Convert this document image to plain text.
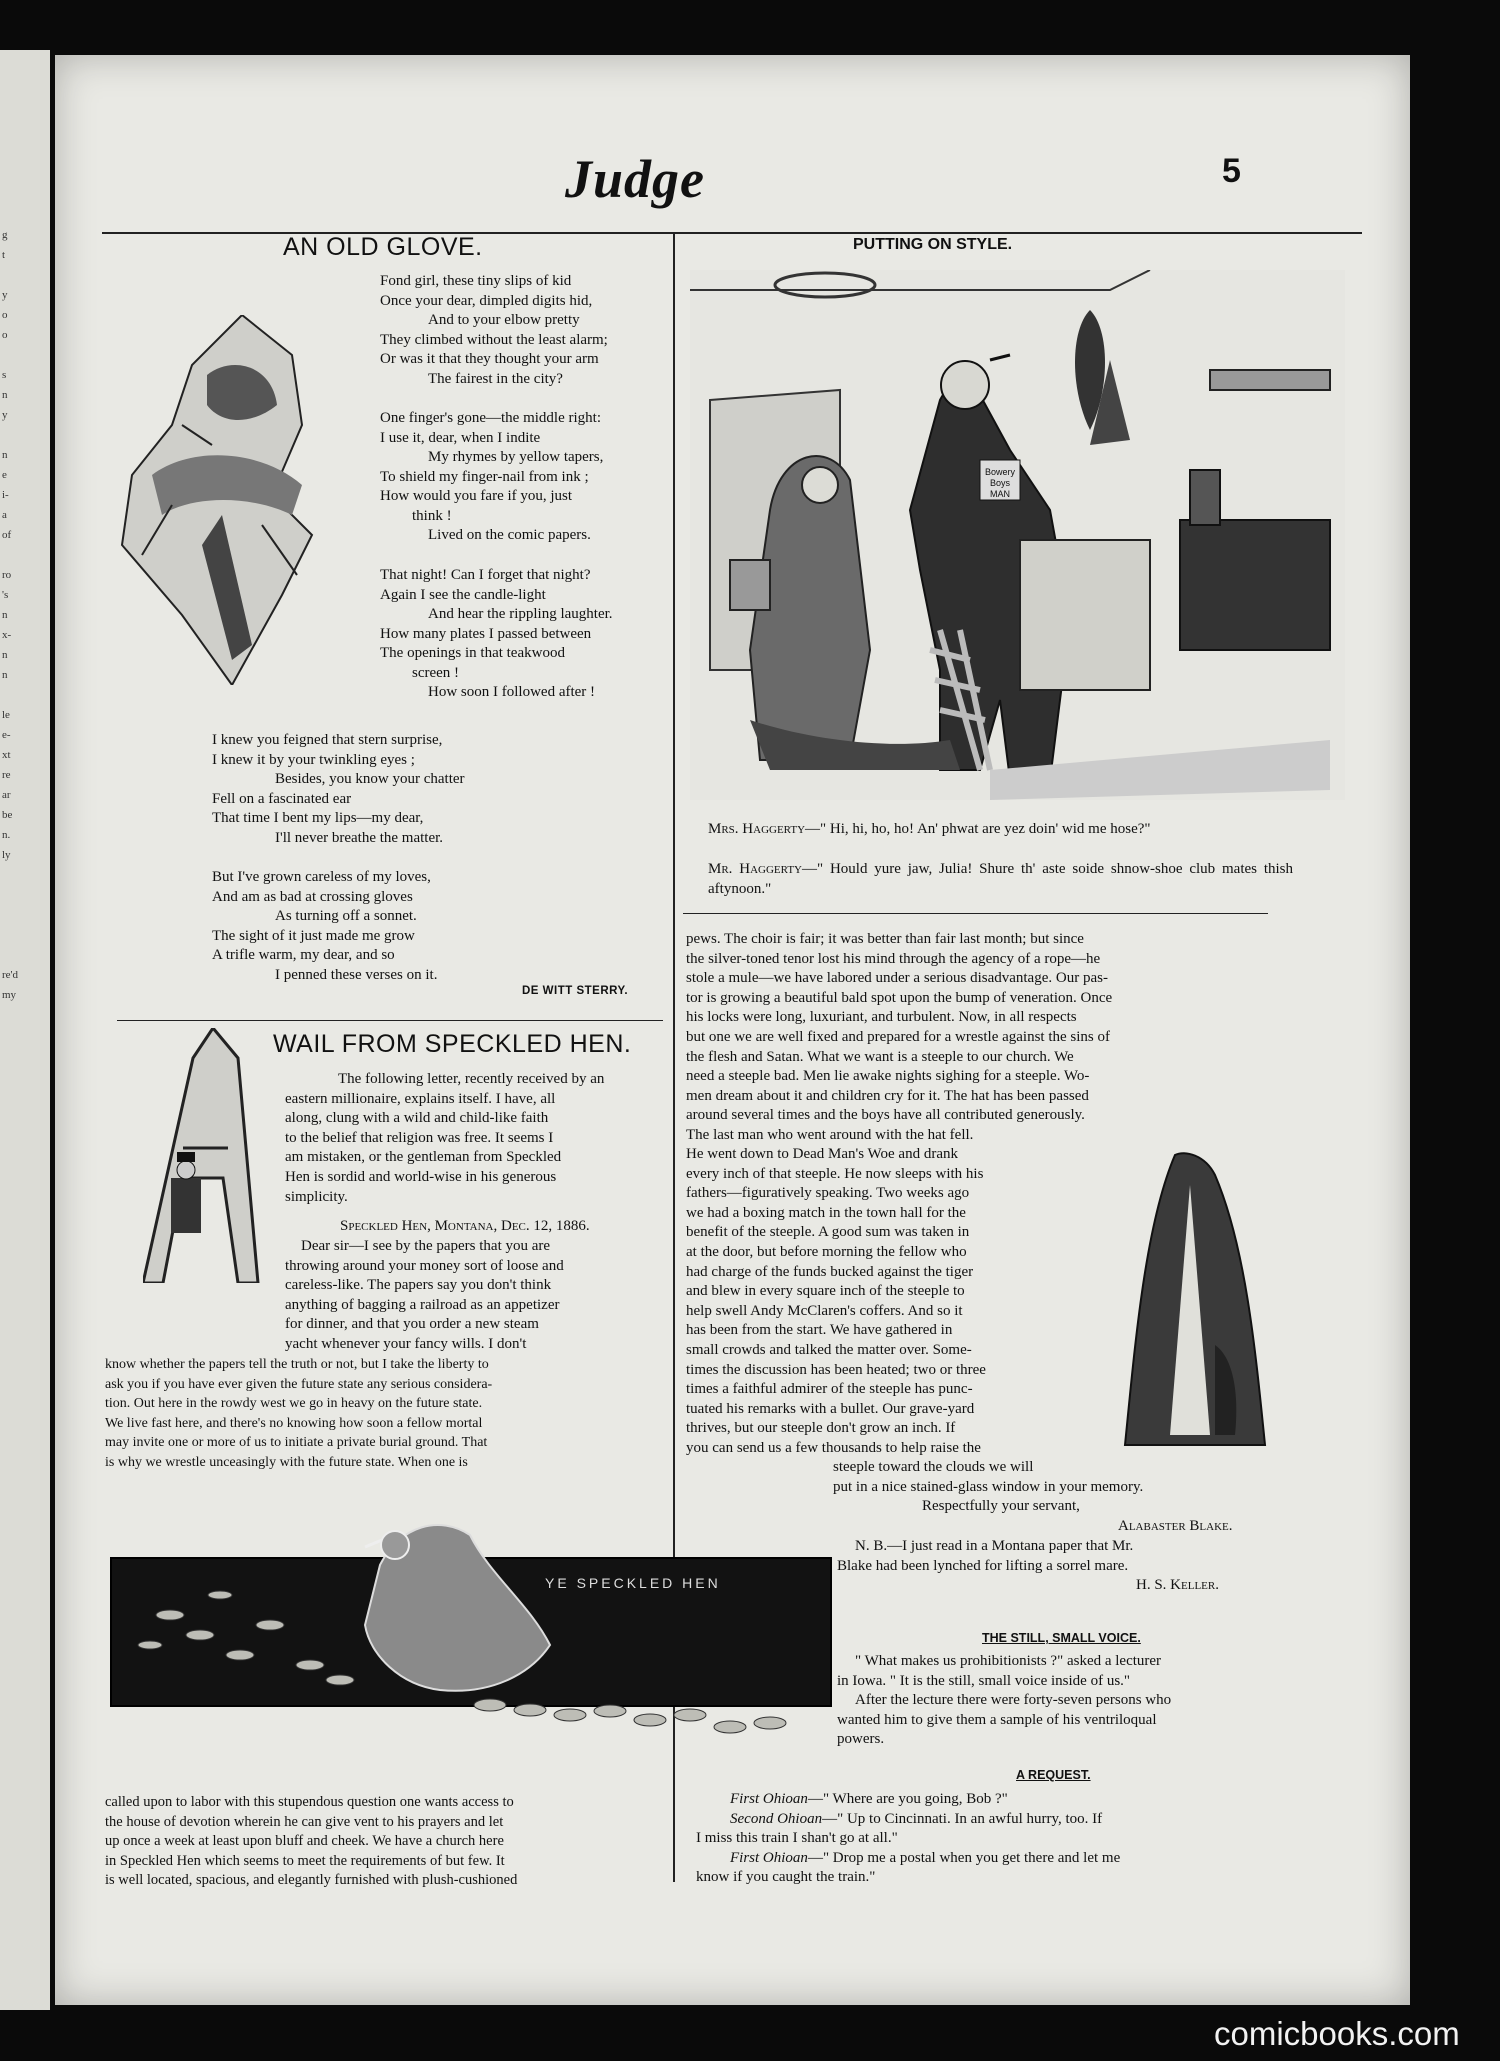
g
t
y
o
o
s
n
y
n
e
i-
a
of
ro
's
n
x-
n
n
le
e-
xt
re
ar
be
n.
ly
re'd
my
Judge	5
AN OLD GLOVE.
Fond girl, these tiny slips of kid
Once your dear, dimpled digits hid,
And to your elbow pretty
They climbed without the least alarm;
Or was it that they thought your arm
The fairest in the city?
One finger's gone—the middle right:
I use it, dear, when I indite
My rhymes by yellow tapers,
To shield my finger-nail from ink ;
How would you fare if you, just
think !
Lived on the comic papers.
That night! Can I forget that night?
Again I see the candle-light
And hear the rippling laughter.
How many plates I passed between
The openings in that teakwood
screen !
How soon I followed after !
I knew you feigned that stern surprise,
I knew it by your twinkling eyes ;
Besides, you know your chatter
Fell on a fascinated ear
That time I bent my lips—my dear,
I'll never breathe the matter.
But I've grown careless of my loves,
And am as bad at crossing gloves
As turning off a sonnet.
The sight of it just made me grow
A trifle warm, my dear, and so
I penned these verses on it.
DE WITT STERRY.
PUTTING ON STYLE.
Bowery
Boys
MAN
Mrs. Haggerty—" Hi, hi, ho, ho! An' phwat are yez doin' wid me hose?"
Mr. Haggerty—" Hould yure jaw, Julia! Shure th' aste soide shnow-shoe club mates thish aftynoon."
WAIL FROM SPECKLED HEN.
The following letter, recently received by an
eastern millionaire, explains itself. I have, all
along, clung with a wild and child-like faith
to the belief that religion was free. It seems I
am mistaken, or the gentleman from Speckled
Hen is sordid and world-wise in his generous
simplicity.
Speckled Hen, Montana, Dec. 12, 1886.
Dear sir—I see by the papers that you are
throwing around your money sort of loose and
careless-like. The papers say you don't think
anything of bagging a railroad as an appetizer
for dinner, and that you order a new steam
yacht whenever your fancy wills. I don't
know whether the papers tell the truth or not, but I take the liberty to
ask you if you have ever given the future state any serious considera-
tion. Out here in the rowdy west we go in heavy on the future state.
We live fast here, and there's no knowing how soon a fellow mortal
may invite one or more of us to initiate a private burial ground. That
is why we wrestle unceasingly with the future state. When one is
YE SPECKLED HEN
called upon to labor with this stupendous question one wants access to
the house of devotion wherein he can give vent to his prayers and let
up once a week at least upon bluff and cheek. We have a church here
in Speckled Hen which seems to meet the requirements of but few. It
is well located, spacious, and elegantly furnished with plush-cushioned
pews. The choir is fair; it was better than fair last month; but since
the silver-toned tenor lost his mind through the agency of a rope—he
stole a mule—we have labored under a serious disadvantage. Our pas-
tor is growing a beautiful bald spot upon the bump of veneration. Once
his locks were long, luxuriant, and turbulent. Now, in all respects
but one we are well fixed and prepared for a wrestle against the sins of
the flesh and Satan. What we want is a steeple to our church. We
need a steeple bad. Men lie awake nights sighing for a steeple. Wo-
men dream about it and children cry for it. The hat has been passed
around several times and the boys have all contributed generously.
The last man who went around with the hat fell.
He went down to Dead Man's Woe and drank
every inch of that steeple. He now sleeps with his
fathers—figuratively speaking. Two weeks ago
we had a boxing match in the town hall for the
benefit of the steeple. A good sum was taken in
at the door, but before morning the fellow who
had charge of the funds bucked against the tiger
and blew in every square inch of the steeple to
help swell Andy McClaren's coffers. And so it
has been from the start. We have gathered in
small crowds and talked the matter over. Some-
times the discussion has been heated; two or three
times a faithful admirer of the steeple has punc-
tuated his remarks with a bullet. Our grave-yard
thrives, but our steeple don't grow an inch. If
you can send us a few thousands to help raise the
steeple toward the clouds we will
put in a nice stained-glass window in your memory.
Respectfully your servant,
Alabaster Blake.
N. B.—I just read in a Montana paper that Mr.
Blake had been lynched for lifting a sorrel mare.
H. S. Keller.
THE STILL, SMALL VOICE.
" What makes us prohibitionists ?" asked a lecturer
in Iowa. " It is the still, small voice inside of us."
After the lecture there were forty-seven persons who
wanted him to give them a sample of his ventriloqual
powers.
A REQUEST.
First Ohioan—" Where are you going, Bob ?"
Second Ohioan—" Up to Cincinnati. In an awful hurry, too. If
I miss this train I shan't go at all."
First Ohioan—" Drop me a postal when you get there and let me
know if you caught the train."
comicbooks.com
